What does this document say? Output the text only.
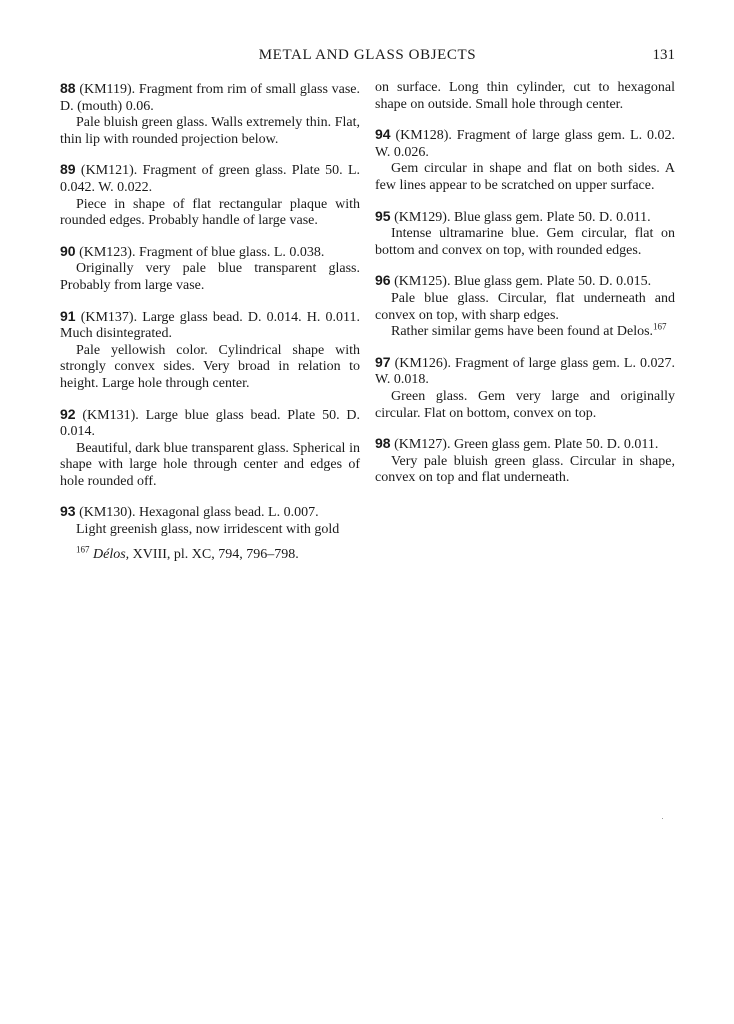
METAL AND GLASS OBJECTS	131

88 (KM119). Fragment from rim of small glass vase. D. (mouth) 0.06.

Pale bluish green glass. Walls extremely thin. Flat, thin lip with rounded projection below.

89 (KM121). Fragment of green glass. Plate 50. L. 0.042. W. 0.022.

Piece in shape of flat rectangular plaque with rounded edges. Probably handle of large vase.

90 (KM123). Fragment of blue glass. L. 0.038.

Originally very pale blue transparent glass. Probably from large vase.

91 (KM137). Large glass bead. D. 0.014. H. 0.011. Much disintegrated.

Pale yellowish color. Cylindrical shape with strongly convex sides. Very broad in relation to height. Large hole through center.

92 (KM131). Large blue glass bead. Plate 50. D. 0.014.

Beautiful, dark blue transparent glass. Spherical in shape with large hole through center and edges of hole rounded off.

93 (KM130). Hexagonal glass bead. L. 0.007.

Light greenish glass, now irridescent with gold

$^{167}$ Délos, XVIII, pl. XC, 794, 796–798.

on surface. Long thin cylinder, cut to hexagonal shape on outside. Small hole through center.

94 (KM128). Fragment of large glass gem. L. 0.02. W. 0.026.

Gem circular in shape and flat on both sides. A few lines appear to be scratched on upper surface.

95 (KM129). Blue glass gem. Plate 50. D. 0.011.

Intense ultramarine blue. Gem circular, flat on bottom and convex on top, with rounded edges.

96 (KM125). Blue glass gem. Plate 50. D. 0.015.

Pale blue glass. Circular, flat underneath and convex on top, with sharp edges.

Rather similar gems have been found at Delos.$^{167}$

97 (KM126). Fragment of large glass gem. L. 0.027. W. 0.018.

Green glass. Gem very large and originally circular. Flat on bottom, convex on top.

98 (KM127). Green glass gem. Plate 50. D. 0.011.

Very pale bluish green glass. Circular in shape, convex on top and flat underneath.
